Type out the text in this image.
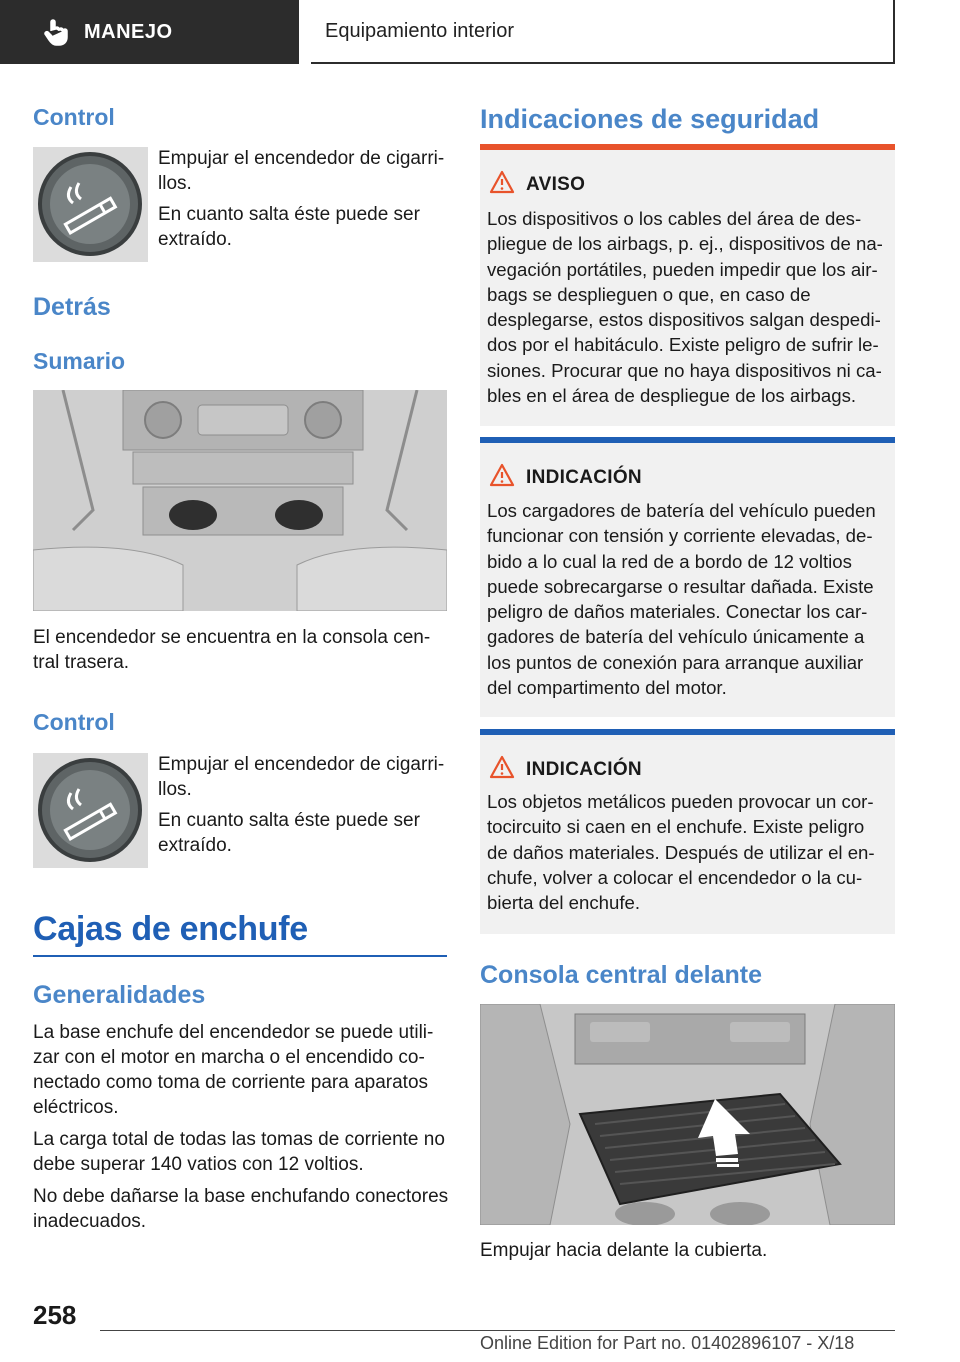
MANEJO	Equipamiento interior
Control
Empujar el encendedor de cigarri-
llos.
En cuanto salta éste puede ser
extraído.
Detrás
Sumario
El encendedor se encuentra en la consola cen-
tral trasera.
Control
Empujar el encendedor de cigarri-
llos.
En cuanto salta éste puede ser
extraído.
Cajas de enchufe
Generalidades
La base enchufe del encendedor se puede utili-
zar con el motor en marcha o el encendido co-
nectado como toma de corriente para aparatos
eléctricos.
La carga total de todas las tomas de corriente no
debe superar 140 vatios con 12 voltios.
No debe dañarse la base enchufando conectores
inadecuados.
Indicaciones de seguridad
AVISO
Los dispositivos o los cables del área de des-
pliegue de los airbags, p. ej., dispositivos de na-
vegación portátiles, pueden impedir que los air-
bags se desplieguen o que, en caso de
desplegarse, estos dispositivos salgan despedi-
dos por el habitáculo. Existe peligro de sufrir le-
siones. Procurar que no haya dispositivos ni ca-
bles en el área de despliegue de los airbags.
INDICACIÓN
Los cargadores de batería del vehículo pueden
funcionar con tensión y corriente elevadas, de-
bido a lo cual la red de a bordo de 12 voltios
puede sobrecargarse o resultar dañada. Existe
peligro de daños materiales. Conectar los car-
gadores de batería del vehículo únicamente a
los puntos de conexión para arranque auxiliar
del compartimento del motor.
INDICACIÓN
Los objetos metálicos pueden provocar un cor-
tocircuito si caen en el enchufe. Existe peligro
de daños materiales. Después de utilizar el en-
chufe, volver a colocar el encendedor o la cu-
bierta del enchufe.
Consola central delante
Empujar hacia delante la cubierta.
258
Online Edition for Part no. 01402896107 - X/18
